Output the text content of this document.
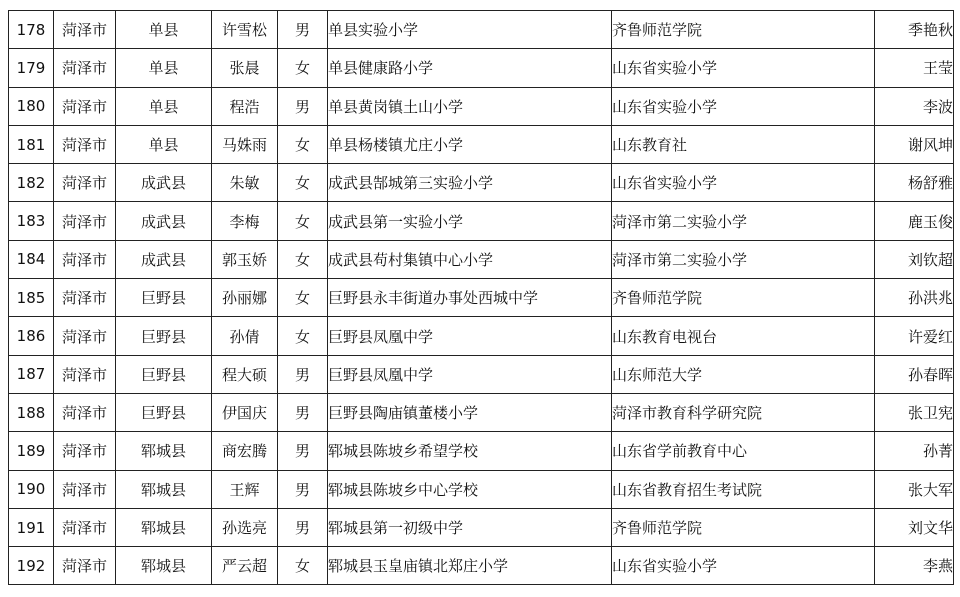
178	菏泽市	单县	许雪松	男	单县实验小学	齐鲁师范学院	季艳秋
179	菏泽市	单县	张晨	女	单县健康路小学	山东省实验小学	王莹
180	菏泽市	单县	程浩	男	单县黄岗镇土山小学	山东省实验小学	李波
181	菏泽市	单县	马姝雨	女	单县杨楼镇尤庄小学	山东教育社	谢风坤
182	菏泽市	成武县	朱敏	女	成武县郜城第三实验小学	山东省实验小学	杨舒雅
183	菏泽市	成武县	李梅	女	成武县第一实验小学	菏泽市第二实验小学	鹿玉俊
184	菏泽市	成武县	郭玉娇	女	成武县苟村集镇中心小学	菏泽市第二实验小学	刘钦超
185	菏泽市	巨野县	孙丽娜	女	巨野县永丰街道办事处西城中学	齐鲁师范学院	孙洪兆
186	菏泽市	巨野县	孙倩	女	巨野县凤凰中学	山东教育电视台	许爱红
187	菏泽市	巨野县	程大硕	男	巨野县凤凰中学	山东师范大学	孙春晖
188	菏泽市	巨野县	伊国庆	男	巨野县陶庙镇董楼小学	菏泽市教育科学研究院	张卫宪
189	菏泽市	郓城县	商宏腾	男	郓城县陈坡乡希望学校	山东省学前教育中心	孙菁
190	菏泽市	郓城县	王辉	男	郓城县陈坡乡中心学校	山东省教育招生考试院	张大军
191	菏泽市	郓城县	孙选亮	男	郓城县第一初级中学	齐鲁师范学院	刘文华
192	菏泽市	郓城县	严云超	女	郓城县玉皇庙镇北郑庄小学	山东省实验小学	李燕
